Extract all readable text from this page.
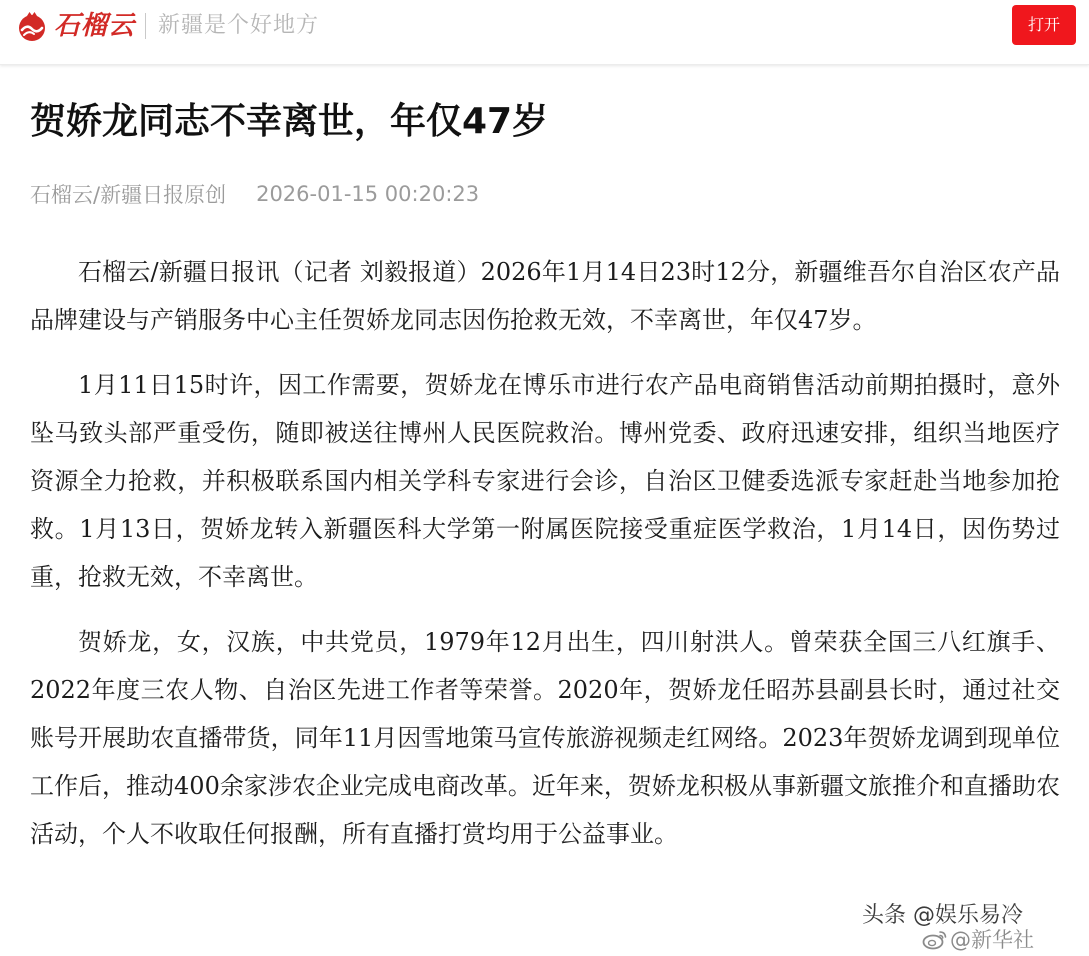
石榴云 新疆是个好地方	打开
贺娇龙同志不幸离世，年仅47岁
石榴云/新疆日报原创 2026-01-15 00:20:23

石榴云/新疆日报讯（记者 刘毅报道）2026年1月14日23时12分，新疆维吾尔自治区农产品品牌建设与产销服务中心主任贺娇龙同志因伤抢救无效，不幸离世，年仅47岁。

1月11日15时许，因工作需要，贺娇龙在博乐市进行农产品电商销售活动前期拍摄时，意外坠马致头部严重受伤，随即被送往博州人民医院救治。博州党委、政府迅速安排，组织当地医疗资源全力抢救，并积极联系国内相关学科专家进行会诊，自治区卫健委选派专家赶赴当地参加抢救。1月13日，贺娇龙转入新疆医科大学第一附属医院接受重症医学救治，1月14日，因伤势过重，抢救无效，不幸离世。

贺娇龙，女，汉族，中共党员，1979年12月出生，四川射洪人。曾荣获全国三八红旗手、2022年度三农人物、自治区先进工作者等荣誉。2020年，贺娇龙任昭苏县副县长时，通过社交账号开展助农直播带货，同年11月因雪地策马宣传旅游视频走红网络。2023年贺娇龙调到现单位工作后，推动400余家涉农企业完成电商改革。近年来，贺娇龙积极从事新疆文旅推介和直播助农活动，个人不收取任何报酬，所有直播打赏均用于公益事业。

头条 @娱乐易冷
@新华社
